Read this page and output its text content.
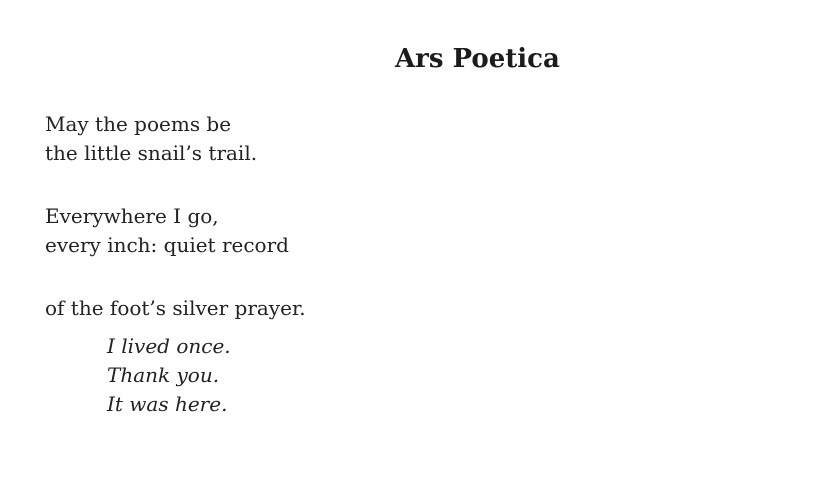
Ars Poetica

May the poems be
the little snail’s trail.

Everywhere I go,
every inch: quiet record

of the foot’s silver prayer.

I lived once.
Thank you.
It was here.
